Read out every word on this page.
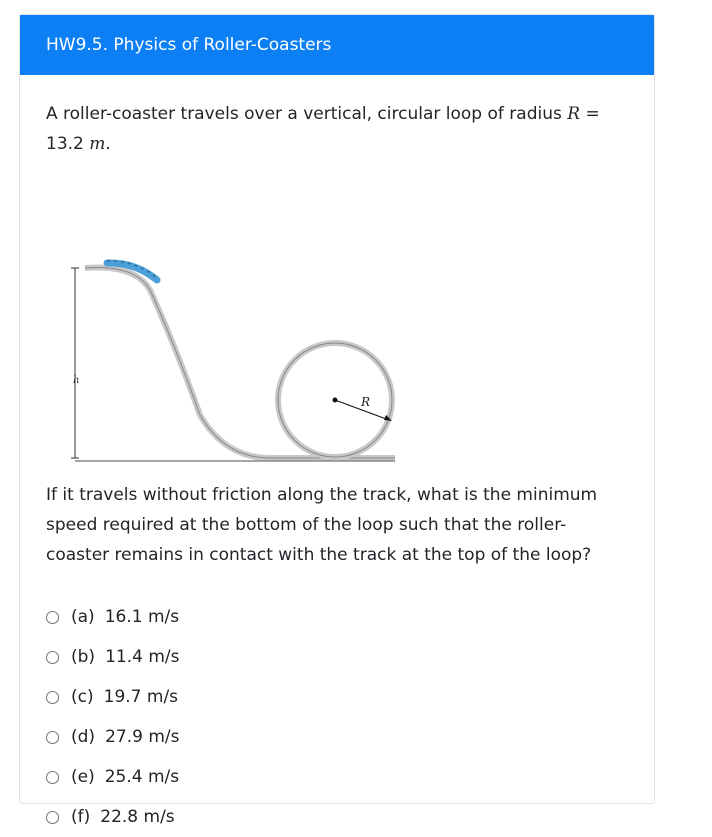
HW9.5. Physics of Roller-Coasters

A roller-coaster travels over a vertical, circular loop of radius R =
13.2 m.

h
R

If it travels without friction along the track, what is the minimum
speed required at the bottom of the loop such that the roller-
coaster remains in contact with the track at the top of the loop?

(a) 16.1 m/s
(b) 11.4 m/s
(c) 19.7 m/s
(d) 27.9 m/s
(e) 25.4 m/s
(f) 22.8 m/s
